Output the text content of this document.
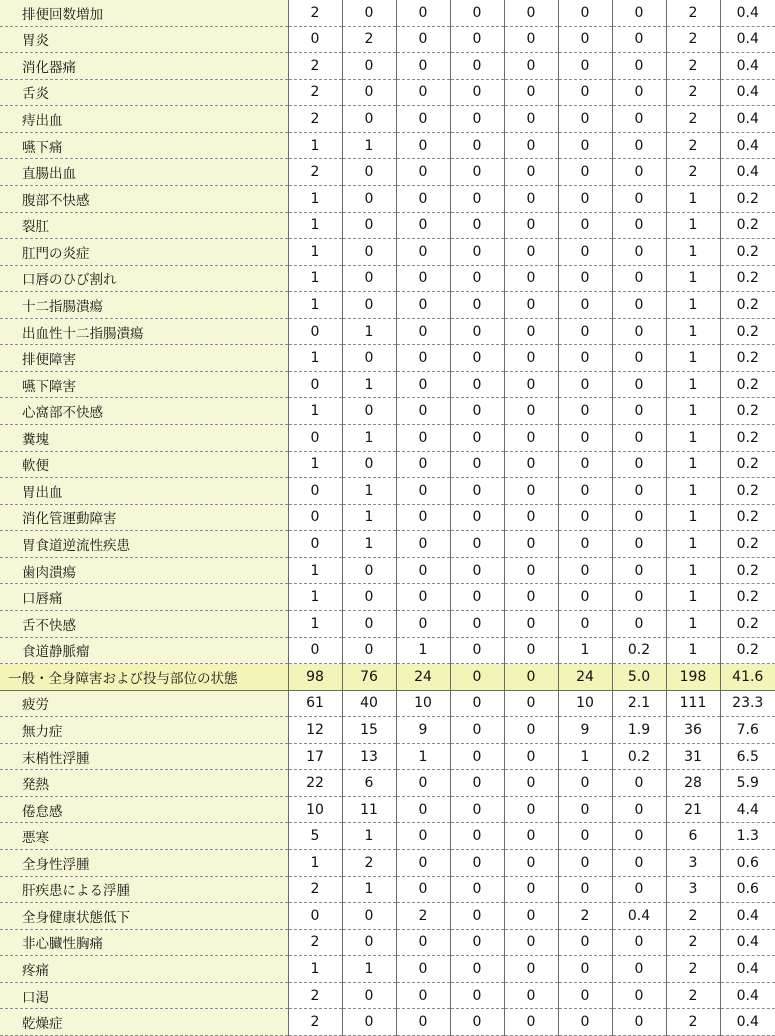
排便回数増加	2	0	0	0	0	0	0	2	0.4
胃炎	0	2	0	0	0	0	0	2	0.4
消化器痛	2	0	0	0	0	0	0	2	0.4
舌炎	2	0	0	0	0	0	0	2	0.4
痔出血	2	0	0	0	0	0	0	2	0.4
嚥下痛	1	1	0	0	0	0	0	2	0.4
直腸出血	2	0	0	0	0	0	0	2	0.4
腹部不快感	1	0	0	0	0	0	0	1	0.2
裂肛	1	0	0	0	0	0	0	1	0.2
肛門の炎症	1	0	0	0	0	0	0	1	0.2
口唇のひび割れ	1	0	0	0	0	0	0	1	0.2
十二指腸潰瘍	1	0	0	0	0	0	0	1	0.2
出血性十二指腸潰瘍	0	1	0	0	0	0	0	1	0.2
排便障害	1	0	0	0	0	0	0	1	0.2
嚥下障害	0	1	0	0	0	0	0	1	0.2
心窩部不快感	1	0	0	0	0	0	0	1	0.2
糞塊	0	1	0	0	0	0	0	1	0.2
軟便	1	0	0	0	0	0	0	1	0.2
胃出血	0	1	0	0	0	0	0	1	0.2
消化管運動障害	0	1	0	0	0	0	0	1	0.2
胃食道逆流性疾患	0	1	0	0	0	0	0	1	0.2
歯肉潰瘍	1	0	0	0	0	0	0	1	0.2
口唇痛	1	0	0	0	0	0	0	1	0.2
舌不快感	1	0	0	0	0	0	0	1	0.2
食道静脈瘤	0	0	1	0	0	1	0.2	1	0.2
一般・全身障害および投与部位の状態	98	76	24	0	0	24	5.0	198	41.6
疲労	61	40	10	0	0	10	2.1	111	23.3
無力症	12	15	9	0	0	9	1.9	36	7.6
末梢性浮腫	17	13	1	0	0	1	0.2	31	6.5
発熱	22	6	0	0	0	0	0	28	5.9
倦怠感	10	11	0	0	0	0	0	21	4.4
悪寒	5	1	0	0	0	0	0	6	1.3
全身性浮腫	1	2	0	0	0	0	0	3	0.6
肝疾患による浮腫	2	1	0	0	0	0	0	3	0.6
全身健康状態低下	0	0	2	0	0	2	0.4	2	0.4
非心臓性胸痛	2	0	0	0	0	0	0	2	0.4
疼痛	1	1	0	0	0	0	0	2	0.4
口渇	2	0	0	0	0	0	0	2	0.4
乾燥症	2	0	0	0	0	0	0	2	0.4
